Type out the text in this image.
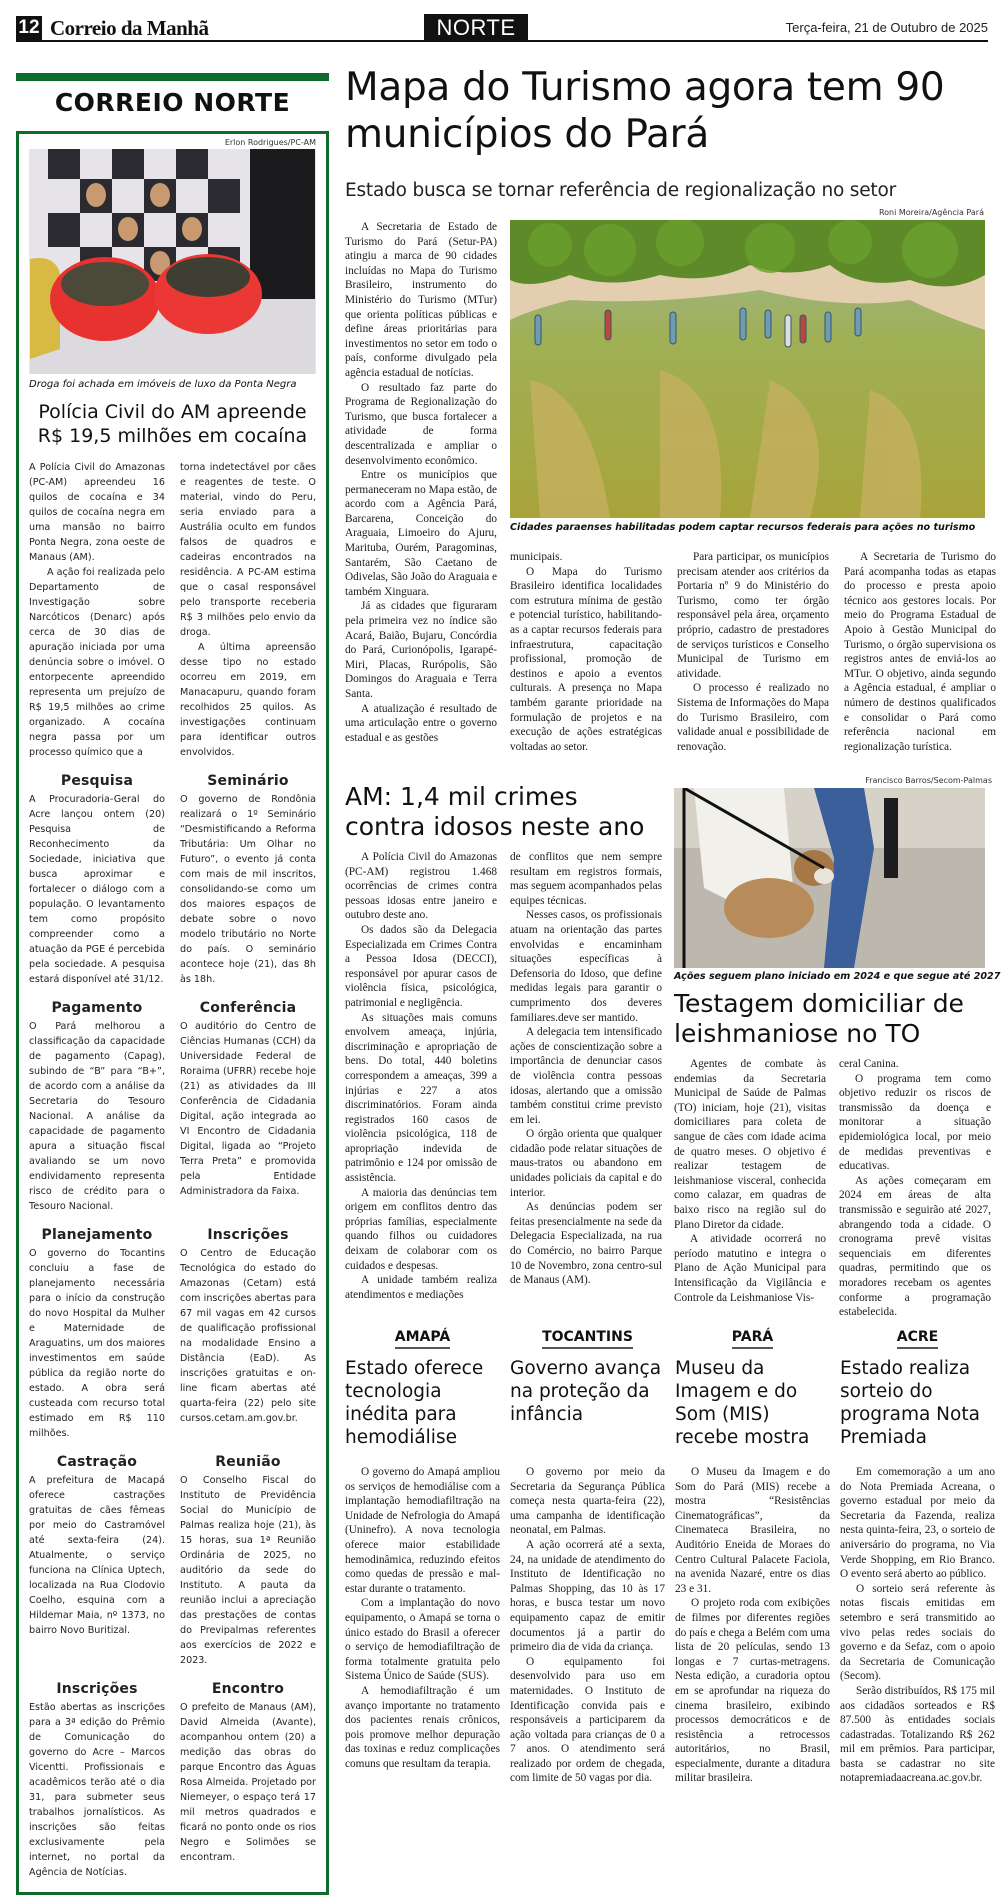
12 Correio da Manhã	NORTE	Terça-feira, 21 de Outubro de 2025
CORREIO NORTE
Erlon Rodrigues/PC-AM
Droga foi achada em imóveis de luxo da Ponta Negra
Polícia Civil do AM apreende R$ 19,5 milhões em cocaína

A Polícia Civil do Amazonas (PC-AM) apreendeu 16 quilos de cocaína e 34 quilos de cocaína negra em uma mansão no bairro Ponta Negra, zona oeste de Manaus (AM).

A ação foi realizada pelo Departamento de Investigação sobre Narcóticos (Denarc) após cerca de 30 dias de apuração iniciada por uma denúncia sobre o imóvel. O entorpecente apreendido representa um prejuízo de R$ 19,5 milhões ao crime organizado. A cocaína negra passa por um processo químico que a

torna indetectável por cães e reagentes de teste. O material, vindo do Peru, seria enviado para a Austrália oculto em fundos falsos de quadros e cadeiras encontrados na residência. A PC-AM estima que o casal responsável pelo transporte receberia R$ 3 milhões pelo envio da droga.

A última apreensão desse tipo no estado ocorreu em 2019, em Manacapuru, quando foram recolhidos 25 quilos. As investigações continuam para identificar outros envolvidos.

Pesquisa

A Procuradoria-Geral do Acre lançou ontem (20) Pesquisa de Reconhecimento da Sociedade, iniciativa que busca aproximar e fortalecer o diálogo com a população. O levantamento tem como propósito compreender como a atuação da PGE é percebida pela sociedade. A pesquisa estará disponível até 31/12.

Seminário

O governo de Rondônia realizará o 1º Seminário “Desmistificando a Reforma Tributária: Um Olhar no Futuro”, o evento já conta com mais de mil inscritos, consolidando-se como um dos maiores espaços de debate sobre o novo modelo tributário no Norte do país. O seminário acontece hoje (21), das 8h às 18h.

Pagamento

O Pará melhorou a classificação da capacidade de pagamento (Capag), subindo de “B” para “B+”, de acordo com a análise da Secretaria do Tesouro Nacional. A análise da capacidade de pagamento apura a situação fiscal avaliando se um novo endividamento representa risco de crédito para o Tesouro Nacional.

Conferência

O auditório do Centro de Ciências Humanas (CCH) da Universidade Federal de Roraima (UFRR) recebe hoje (21) as atividades da III Conferência de Cidadania Digital, ação integrada ao VI Encontro de Cidadania Digital, ligada ao “Projeto Terra Preta” e promovida pela Entidade Administradora da Faixa.

Planejamento

O governo do Tocantins concluiu a fase de planejamento necessária para o início da construção do novo Hospital da Mulher e Maternidade de Araguatins, um dos maiores investimentos em saúde pública da região norte do estado. A obra será custeada com recurso total estimado em R$ 110 milhões.

Inscrições

O Centro de Educação Tecnológica do estado do Amazonas (Cetam) está com inscrições abertas para 67 mil vagas em 42 cursos de qualificação profissional na modalidade Ensino a Distância (EaD). As inscrições gratuitas e on-line ficam abertas até quarta-feira (22) pelo site cursos.cetam.am.gov.br.

Castração

A prefeitura de Macapá oferece castrações gratuitas de cães fêmeas por meio do Castramóvel até sexta-feira (24). Atualmente, o serviço funciona na Clínica Uptech, localizada na Rua Clodovio Coelho, esquina com a Hildemar Maia, nº 1373, no bairro Novo Buritizal.

Reunião

O Conselho Fiscal do Instituto de Previdência Social do Município de Palmas realiza hoje (21), às 15 horas, sua 1ª Reunião Ordinária de 2025, no auditório da sede do Instituto. A pauta da reunião inclui a apreciação das prestações de contas do Previpalmas referentes aos exercícios de 2022 e 2023.

Inscrições

Estão abertas as inscrições para a 3ª edição do Prêmio de Comunicação do governo do Acre – Marcos Vicentti. Profissionais e acadêmicos terão até o dia 31, para submeter seus trabalhos jornalísticos. As inscrições são feitas exclusivamente pela internet, no portal da Agência de Notícias.

Encontro

O prefeito de Manaus (AM), David Almeida (Avante), acompanhou ontem (20) a medição das obras do parque Encontro das Águas Rosa Almeida. Projetado por Niemeyer, o espaço terá 17 mil metros quadrados e ficará no ponto onde os rios Negro e Solimões se encontram.

Mapa do Turismo agora tem 90 municípios do Pará
Estado busca se tornar referência de regionalização no setor
Roni Moreira/Agência Pará
Cidades paraenses habilitadas podem captar recursos federais para ações no turismo

A Secretaria de Estado de Turismo do Pará (Setur-PA) atingiu a marca de 90 cidades incluídas no Mapa do Turismo Brasileiro, instrumento do Ministério do Turismo (MTur) que orienta políticas públicas e define áreas prioritárias para investimentos no setor em todo o país, conforme divulgado pela agência estadual de notícias.

O resultado faz parte do Programa de Regionalização do Turismo, que busca fortalecer a atividade de forma descentralizada e ampliar o desenvolvimento econômico.

Entre os municípios que permaneceram no Mapa estão, de acordo com a Agência Pará, Barcarena, Conceição do Araguaia, Limoeiro do Ajuru, Marituba, Ourém, Paragominas, Santarém, São Caetano de Odivelas, São João do Araguaia e também Xinguara.

Já as cidades que figuraram pela primeira vez no índice são Acará, Baião, Bujaru, Concórdia do Pará, Curionópolis, Igarapé-Miri, Placas, Rurópolis, São Domingos do Araguaia e Terra Santa.

A atualização é resultado de uma articulação entre o governo estadual e as gestões

municipais.

O Mapa do Turismo Brasileiro identifica localidades com estrutura mínima de gestão e potencial turístico, habilitando-as a captar recursos federais para infraestrutura, capacitação profissional, promoção de destinos e apoio a eventos culturais. A presença no Mapa também garante prioridade na formulação de projetos e na execução de ações estratégicas voltadas ao setor.

Para participar, os municípios precisam atender aos critérios da Portaria nº 9 do Ministério do Turismo, como ter órgão responsável pela área, orçamento próprio, cadastro de prestadores de serviços turísticos e Conselho Municipal de Turismo em atividade.

O processo é realizado no Sistema de Informações do Mapa do Turismo Brasileiro, com validade anual e possibilidade de renovação.

A Secretaria de Turismo do Pará acompanha todas as etapas do processo e presta apoio técnico aos gestores locais. Por meio do Programa Estadual de Apoio à Gestão Municipal do Turismo, o órgão supervisiona os registros antes de enviá-los ao MTur. O objetivo, ainda segundo a Agência estadual, é ampliar o número de destinos qualificados e consolidar o Pará como referência nacional em regionalização turística.

AM: 1,4 mil crimes contra idosos neste ano

A Polícia Civil do Amazonas (PC-AM) registrou 1.468 ocorrências de crimes contra pessoas idosas entre janeiro e outubro deste ano.

Os dados são da Delegacia Especializada em Crimes Contra a Pessoa Idosa (DECCI), responsável por apurar casos de violência física, psicológica, patrimonial e negligência.

As situações mais comuns envolvem ameaça, injúria, discriminação e apropriação de bens. Do total, 440 boletins correspondem a ameaças, 399 a injúrias e 227 a atos discriminatórios. Foram ainda registrados 160 casos de violência psicológica, 118 de apropriação indevida de patrimônio e 124 por omissão de assistência.

A maioria das denúncias tem origem em conflitos dentro das próprias famílias, especialmente quando filhos ou cuidadores deixam de colaborar com os cuidados e despesas.

A unidade também realiza atendimentos e mediações

de conflitos que nem sempre resultam em registros formais, mas seguem acompanhados pelas equipes técnicas.

Nesses casos, os profissionais atuam na orientação das partes envolvidas e encaminham situações específicas à Defensoria do Idoso, que define medidas legais para garantir o cumprimento dos deveres familiares.deve ser mantido.

A delegacia tem intensificado ações de conscientização sobre a importância de denunciar casos de violência contra pessoas idosas, alertando que a omissão também constitui crime previsto em lei.

O órgão orienta que qualquer cidadão pode relatar situações de maus-tratos ou abandono em unidades policiais da capital e do interior.

As denúncias podem ser feitas presencialmente na sede da Delegacia Especializada, na rua do Comércio, no bairro Parque 10 de Novembro, zona centro-sul de Manaus (AM).

Francisco Barros/Secom-Palmas
Ações seguem plano iniciado em 2024 e que segue até 2027
Testagem domiciliar de leishmaniose no TO

Agentes de combate às endemias da Secretaria Municipal de Saúde de Palmas (TO) iniciam, hoje (21), visitas domiciliares para coleta de sangue de cães com idade acima de quatro meses. O objetivo é realizar testagem de leishmaniose visceral, conhecida como calazar, em quadras de baixo risco na região sul do Plano Diretor da cidade.

A atividade ocorrerá no período matutino e integra o Plano de Ação Municipal para Intensificação da Vigilância e Controle da Leishmaniose Vis-

ceral Canina.

O programa tem como objetivo reduzir os riscos de transmissão da doença e monitorar a situação epidemiológica local, por meio de medidas preventivas e educativas.

As ações começaram em 2024 em áreas de alta transmissão e seguirão até 2027, abrangendo toda a cidade. O cronograma prevê visitas sequenciais em diferentes quadras, permitindo que os moradores recebam os agentes conforme a programação estabelecida.

AMAPÁ
Estado oferece tecnologia inédita para hemodiálise

O governo do Amapá ampliou os serviços de hemodiálise com a implantação hemodiafiltração na Unidade de Nefrologia do Amapá (Uninefro). A nova tecnologia oferece maior estabilidade hemodinâmica, reduzindo efeitos como quedas de pressão e mal-estar durante o tratamento.

Com a implantação do novo equipamento, o Amapá se torna o único estado do Brasil a oferecer o serviço de hemodiafiltração de forma totalmente gratuita pelo Sistema Único de Saúde (SUS).

A hemodiafiltração é um avanço importante no tratamento dos pacientes renais crônicos, pois promove melhor depuração das toxinas e reduz complicações comuns que resultam da terapia.

TOCANTINS
Governo avança na proteção da infância

O governo por meio da Secretaria da Segurança Pública começa nesta quarta-feira (22), uma campanha de identificação neonatal, em Palmas.

A ação ocorrerá até a sexta, 24, na unidade de atendimento do Instituto de Identificação no Palmas Shopping, das 10 às 17 horas, e busca testar um novo equipamento capaz de emitir documentos já a partir do primeiro dia de vida da criança.

O equipamento foi desenvolvido para uso em maternidades. O Instituto de Identificação convida pais e responsáveis a participarem da ação voltada para crianças de 0 a 7 anos. O atendimento será realizado por ordem de chegada, com limite de 50 vagas por dia.

PARÁ
Museu da Imagem e do Som (MIS) recebe mostra

O Museu da Imagem e do Som do Pará (MIS) recebe a mostra “Resistências Cinematográficas”, da Cinemateca Brasileira, no Auditório Eneida de Moraes do Centro Cultural Palacete Faciola, na avenida Nazaré, entre os dias 23 e 31.

O projeto roda com exibições de filmes por diferentes regiões do país e chega a Belém com uma lista de 20 películas, sendo 13 longas e 7 curtas-metragens. Nesta edição, a curadoria optou em se aprofundar na riqueza do cinema brasileiro, exibindo processos democráticos e de resistência a retrocessos autoritários, no Brasil, especialmente, durante a ditadura militar brasileira.

ACRE
Estado realiza sorteio do programa Nota Premiada

Em comemoração a um ano do Nota Premiada Acreana, o governo estadual por meio da Secretaria da Fazenda, realiza nesta quinta-feira, 23, o sorteio de aniversário do programa, no Via Verde Shopping, em Rio Branco. O evento será aberto ao público.

O sorteio será referente às notas fiscais emitidas em setembro e será transmitido ao vivo pelas redes sociais do governo e da Sefaz, com o apoio da Secretaria de Comunicação (Secom).

Serão distribuídos, R$ 175 mil aos cidadãos sorteados e R$ 87.500 às entidades sociais cadastradas. Totalizando R$ 262 mil em prêmios. Para participar, basta se cadastrar no site notapremiadaacreana.ac.gov.br.
